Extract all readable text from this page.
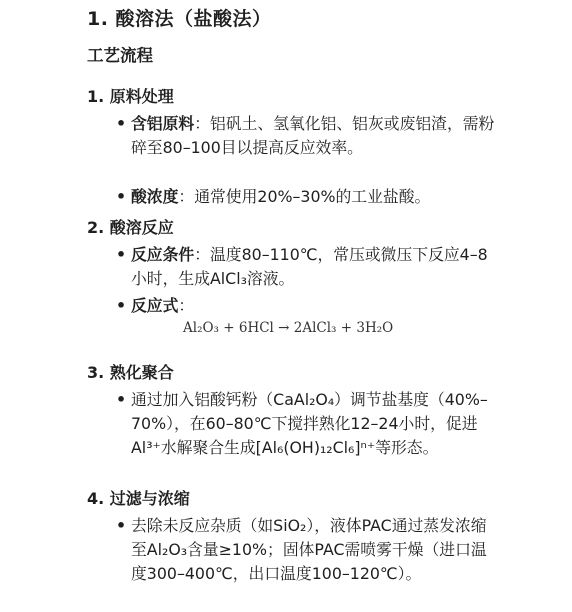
1. 酸溶法（盐酸法）
工艺流程
1. 原料处理
• 含铝原料：铝矾土、氢氧化铝、铝灰或废铝渣，需粉碎至80–100目以提高反应效率。
• 酸浓度：通常使用20%–30%的工业盐酸。
2. 酸溶反应
• 反应条件：温度80–110℃，常压或微压下反应4–8小时，生成AlCl₃溶液。
• 反应式：
Al₂O₃ + 6HCl → 2AlCl₃ + 3H₂O
3. 熟化聚合
• 通过加入铝酸钙粉（CaAl₂O₄）调节盐基度（40%–70%），在60–80℃下搅拌熟化12–24小时，促进Al³⁺水解聚合生成[Al₆(OH)₁₂Cl₆]ⁿ⁺等形态。
4. 过滤与浓缩
• 去除未反应杂质（如SiO₂），液体PAC通过蒸发浓缩至Al₂O₃含量≥10%；固体PAC需喷雾干燥（进口温度300–400℃，出口温度100–120℃）。
